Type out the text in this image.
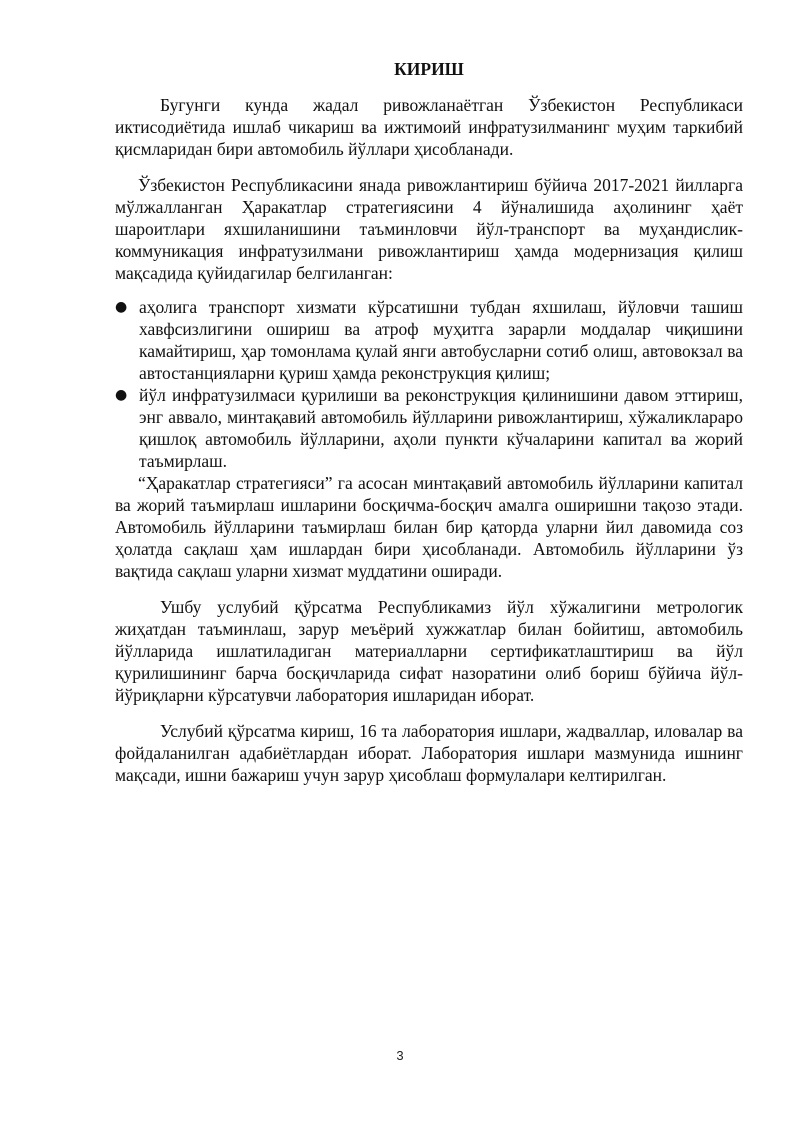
КИРИШ

Бугунги кунда жадал ривожланаётган Ўзбекистон Республикаси иктисодиётида ишлаб чикариш ва ижтимоий инфратузилманинг муҳим таркибий қисмларидан бири автомобиль йўллари ҳисобланади.

Ўзбекистон Республикасини янада ривожлантириш бўйича 2017-2021 йилларга мўлжалланган Ҳаракатлар стратегиясини 4 йўналишида аҳолининг ҳаёт шароитлари яхшиланишини таъминловчи йўл-транспорт ва муҳандислик-коммуникация инфратузилмани ривожлантириш ҳамда модернизация қилиш мақсадида қуйидагилар белгиланган:

● аҳолига транспорт хизмати кўрсатишни тубдан яхшилаш, йўловчи ташиш хавфсизлигини ошириш ва атроф муҳитга зарарли моддалар чиқишини камайтириш, ҳар томонлама қулай янги автобусларни сотиб олиш, автовокзал ва автостанцияларни қуриш ҳамда реконструкция қилиш;
● йўл инфратузилмаси қурилиши ва реконструкция қилинишини давом эттириш, энг аввало, минтақавий автомобиль йўлларини ривожлантириш, хўжаликлараро қишлоқ автомобиль йўлларини, аҳоли пункти кўчаларини капитал ва жорий таъмирлаш.

“Ҳаракатлар стратегияси” га асосан минтақавий автомобиль йўлларини капитал ва жорий таъмирлаш ишларини босқичма-босқич амалга оширишни тақозо этади. Автомобиль йўлларини таъмирлаш билан бир қаторда уларни йил давомида соз ҳолатда сақлаш ҳам ишлардан бири ҳисобланади. Автомобиль йўлларини ўз вақтида сақлаш уларни хизмат муддатини оширади.

Ушбу услубий қўрсатма Республикамиз йўл хўжалигини метрологик жиҳатдан таъминлаш, зарур меъёрий хужжатлар билан бойитиш, автомобиль йўлларида ишлатиладиган материалларни сертификатлаштириш ва йўл қурилишининг барча босқичларида сифат назоратини олиб бориш бўйича йўл-йўриқларни кўрсатувчи лаборатория ишларидан иборат.

Услубий қўрсатма кириш, 16 та лаборатория ишлари, жадваллар, иловалар ва фойдаланилган адабиётлардан иборат. Лаборатория ишлари мазмунида ишнинг мақсади, ишни бажариш учун зарур ҳисоблаш формулалари келтирилган.

3
